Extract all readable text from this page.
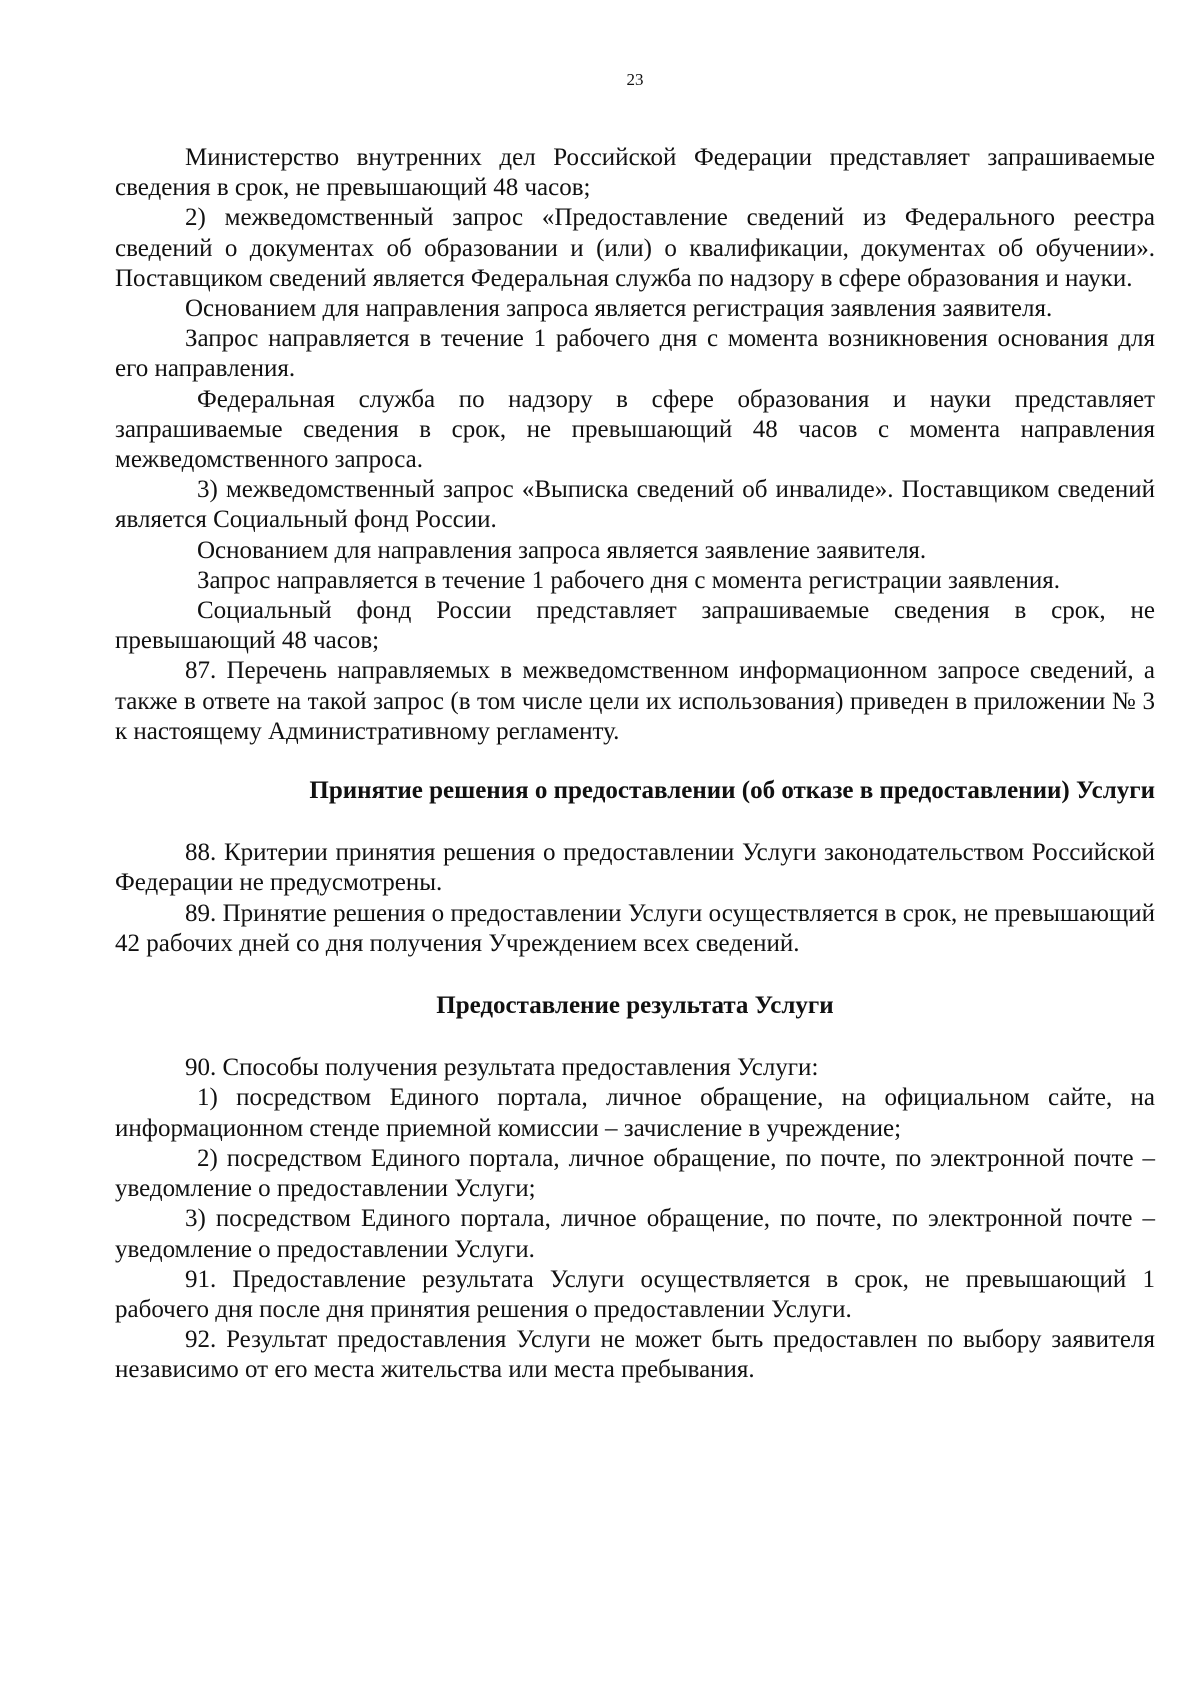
23

Министерство внутренних дел Российской Федерации представляет запрашиваемые сведения в срок, не превышающий 48 часов;

2) межведомственный запрос «Предоставление сведений из Федерального реестра сведений о документах об образовании и (или) о квалификации, документах об обучении». Поставщиком сведений является Федеральная служба по надзору в сфере образования и науки.

Основанием для направления запроса является регистрация заявления заявителя.

Запрос направляется в течение 1 рабочего дня с момента возникновения основания для его направления.

Федеральная служба по надзору в сфере образования и науки представляет запрашиваемые сведения в срок, не превышающий 48 часов с момента направления межведомственного запроса.

3) межведомственный запрос «Выписка сведений об инвалиде». Поставщиком сведений является Социальный фонд России.

Основанием для направления запроса является заявление заявителя.

Запрос направляется в течение 1 рабочего дня с момента регистрации заявления.

Социальный фонд России представляет запрашиваемые сведения в срок, не превышающий 48 часов;

87. Перечень направляемых в межведомственном информационном запросе сведений, а также в ответе на такой запрос (в том числе цели их использования) приведен в приложении № 3 к настоящему Административному регламенту.

Принятие решения о предоставлении (об отказе в предоставлении) Услуги

88. Критерии принятия решения о предоставлении Услуги законодательством Российской Федерации не предусмотрены.

89. Принятие решения о предоставлении Услуги осуществляется в срок, не превышающий 42 рабочих дней со дня получения Учреждением всех сведений.

Предоставление результата Услуги

90. Способы получения результата предоставления Услуги:

1) посредством Единого портала, личное обращение, на официальном сайте, на информационном стенде приемной комиссии – зачисление в учреждение;

2) посредством Единого портала, личное обращение, по почте, по электронной почте – уведомление о предоставлении Услуги;

3) посредством Единого портала, личное обращение, по почте, по электронной почте – уведомление о предоставлении Услуги.

91. Предоставление результата Услуги осуществляется в срок, не превышающий 1 рабочего дня после дня принятия решения о предоставлении Услуги.

92. Результат предоставления Услуги не может быть предоставлен по выбору заявителя независимо от его места жительства или места пребывания.
